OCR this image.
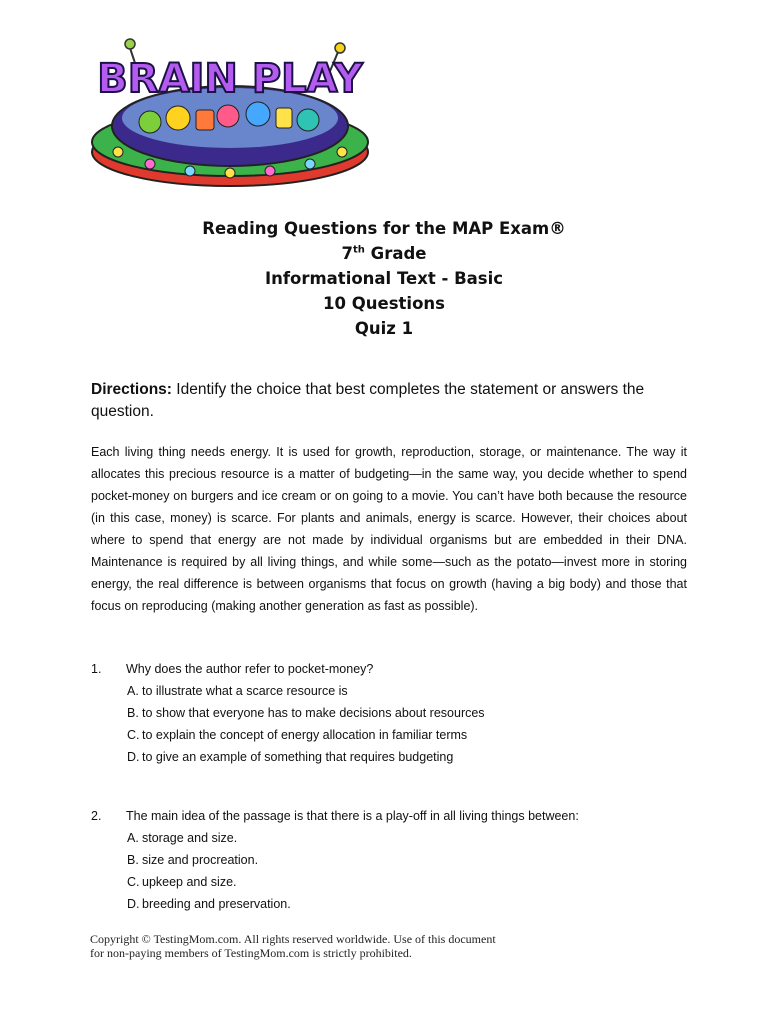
BRAIN PLAY
Reading Questions for the MAP Exam®
7th Grade
Informational Text - Basic
10 Questions
Quiz 1
Directions: Identify the choice that best completes the statement or answers the question.
Each living thing needs energy. It is used for growth, reproduction, storage, or maintenance. The way it allocates this precious resource is a matter of budgeting—in the same way, you decide whether to spend pocket-money on burgers and ice cream or on going to a movie. You can’t have both because the resource (in this case, money) is scarce. For plants and animals, energy is scarce. However, their choices about where to spend that energy are not made by individual organisms but are embedded in their DNA. Maintenance is required by all living things, and while some—such as the potato—invest more in storing energy, the real difference is between organisms that focus on growth (having a big body) and those that focus on reproducing (making another generation as fast as possible).
1.	Why does the author refer to pocket-money?
A. to illustrate what a scarce resource is
B. to show that everyone has to make decisions about resources
C. to explain the concept of energy allocation in familiar terms
D. to give an example of something that requires budgeting
2.	The main idea of the passage is that there is a play-off in all living things between:
A. storage and size.
B. size and procreation.
C. upkeep and size.
D. breeding and preservation.
Copyright © TestingMom.com. All rights reserved worldwide. Use of this document
for non-paying members of TestingMom.com is strictly prohibited.
